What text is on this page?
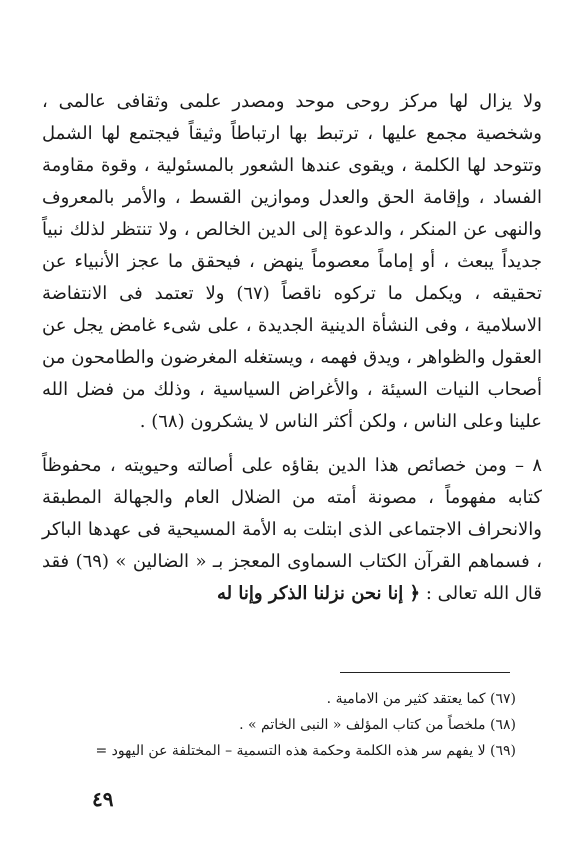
ولا يزال لها مركز روحى موحد ومصدر علمى وثقافى عالمى ، وشخصية مجمع عليها ، ترتبط بها ارتباطاً وثيقاً فيجتمع لها الشمل وتتوحد لها الكلمة ، ويقوى عندها الشعور بالمسئولية ، وقوة مقاومة الفساد ، وإقامة الحق والعدل وموازين القسط ، والأمر بالمعروف والنهى عن المنكر ، والدعوة إلى الدين الخالص ، ولا تنتظر لذلك نبياً جديداً يبعث ، أو إماماً معصوماً ينهض ، فيحقق ما عجز الأنبياء عن تحقيقه ، ويكمل ما تركوه ناقصاً (٦٧) ولا تعتمد فى الانتفاضة الاسلامية ، وفى النشأة الدينية الجديدة ، على شىء غامض يجل عن العقول والظواهر ، ويدق فهمه ، ويستغله المغرضون والطامحون من أصحاب النيات السيئة ، والأغراض السياسية ، وذلك من فضل الله علينا وعلى الناس ، ولكن أكثر الناس لا يشكرون (٦٨) .

٨ – ومن خصائص هذا الدين بقاؤه على أصالته وحيويته ، محفوظاً كتابه مفهوماً ، مصونة أمته من الضلال العام والجهالة المطبقة والانحراف الاجتماعى الذى ابتلت به الأمة المسيحية فى عهدها الباكر ، فسماهم القرآن الكتاب السماوى المعجز بـ « الضالين » (٦٩) فقد قال الله تعالى : ﴿ إنا نحن نزلنا الذكر وإنا له

(٦٧) كما يعتقد كثير من الامامية .
(٦٨) ملخصاً من كتاب المؤلف « النبى الخاتم » .
(٦٩) لا يفهم سر هذه الكلمة وحكمة هذه التسمية – المختلفة عن اليهود =
٤٩
